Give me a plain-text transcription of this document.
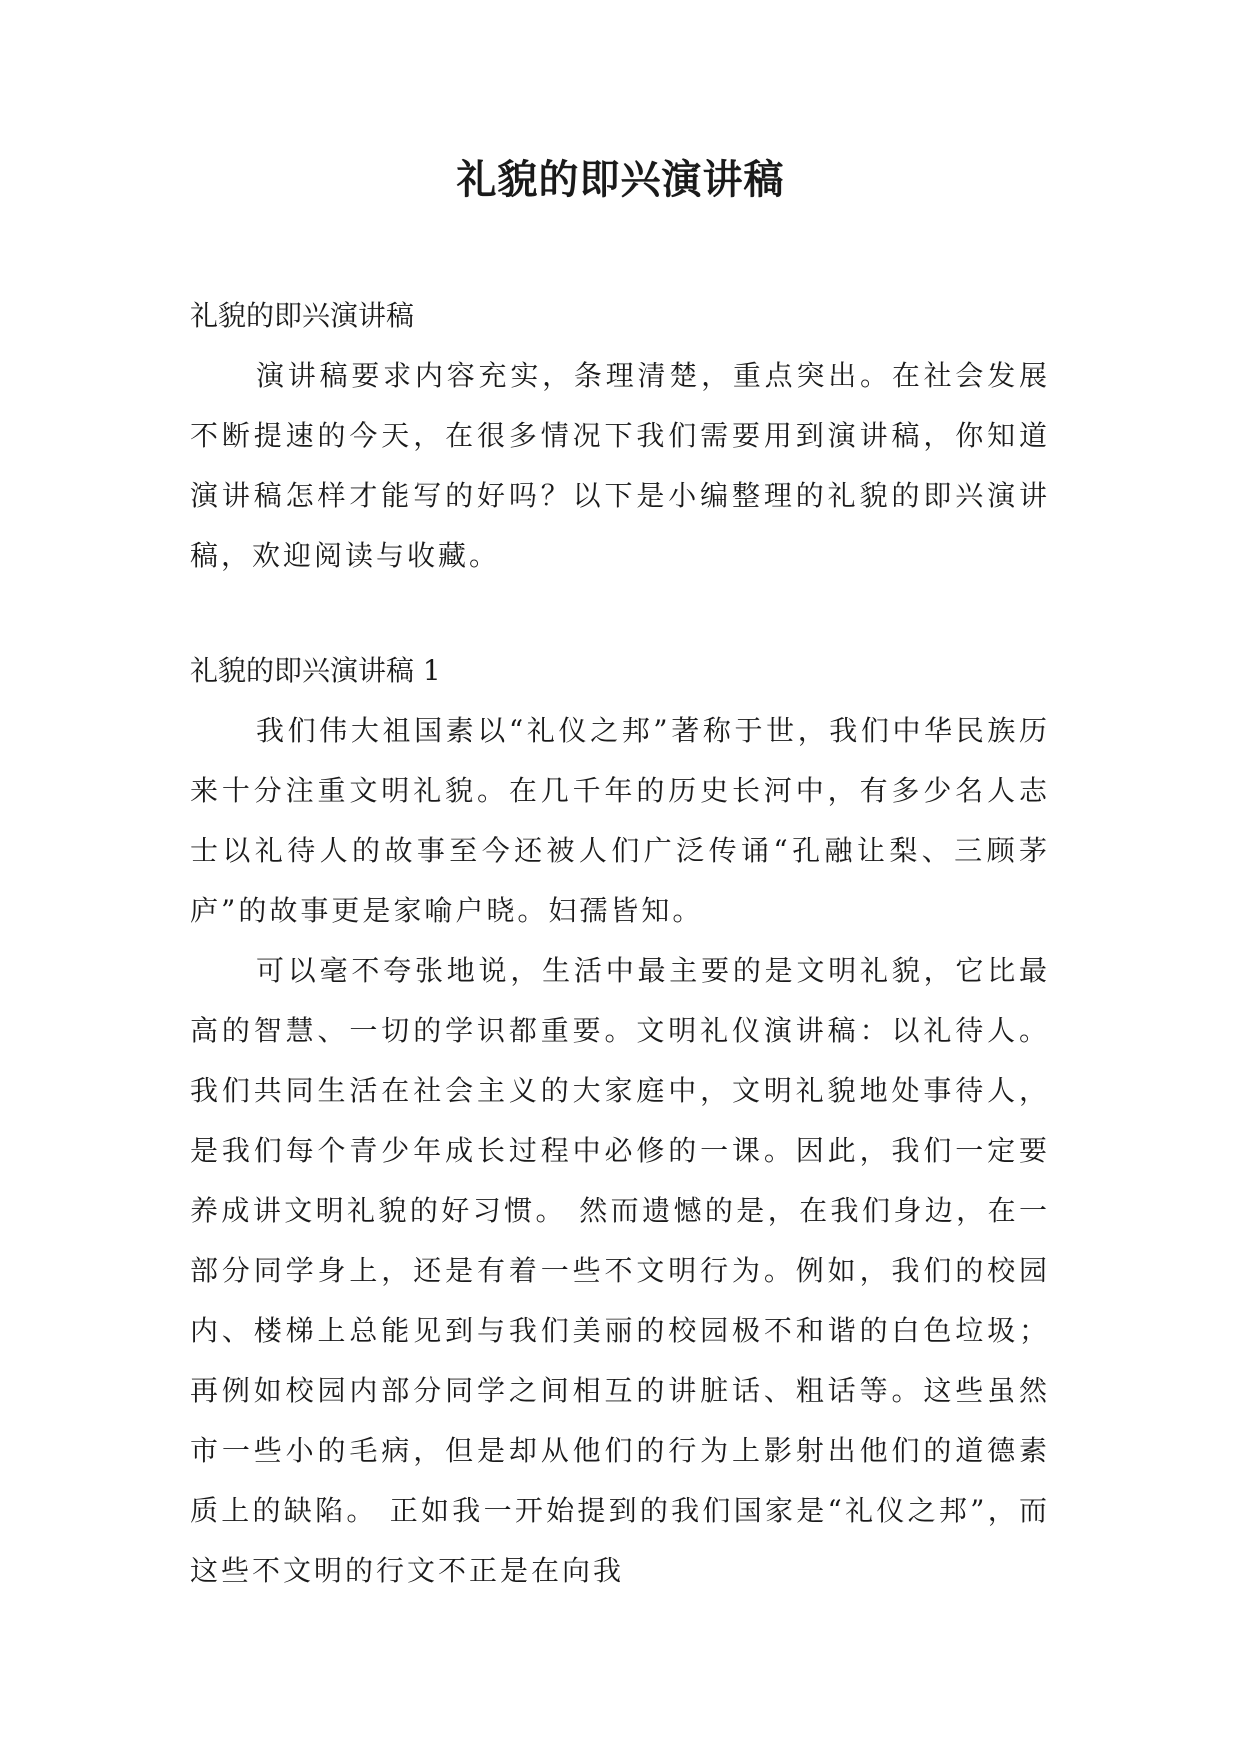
礼貌的即兴演讲稿

礼貌的即兴演讲稿

演讲稿要求内容充实，条理清楚，重点突出。在社会发展不断提速的今天，在很多情况下我们需要用到演讲稿，你知道演讲稿怎样才能写的好吗？以下是小编整理的礼貌的即兴演讲稿，欢迎阅读与收藏。

礼貌的即兴演讲稿 1

我们伟大祖国素以“礼仪之邦”著称于世，我们中华民族历来十分注重文明礼貌。在几千年的历史长河中，有多少名人志士以礼待人的故事至今还被人们广泛传诵“孔融让梨、三顾茅庐”的故事更是家喻户晓。妇孺皆知。

可以毫不夸张地说，生活中最主要的是文明礼貌，它比最高的智慧、一切的学识都重要。文明礼仪演讲稿：以礼待人。我们共同生活在社会主义的大家庭中，文明礼貌地处事待人，是我们每个青少年成长过程中必修的一课。因此，我们一定要养成讲文明礼貌的好习惯。 然而遗憾的是，在我们身边，在一部分同学身上，还是有着一些不文明行为。例如，我们的校园内、楼梯上总能见到与我们美丽的校园极不和谐的白色垃圾；再例如校园内部分同学之间相互的讲脏话、粗话等。这些虽然市一些小的毛病，但是却从他们的行为上影射出他们的道德素质上的缺陷。 正如我一开始提到的我们国家是“礼仪之邦”，而这些不文明的行文不正是在向我
